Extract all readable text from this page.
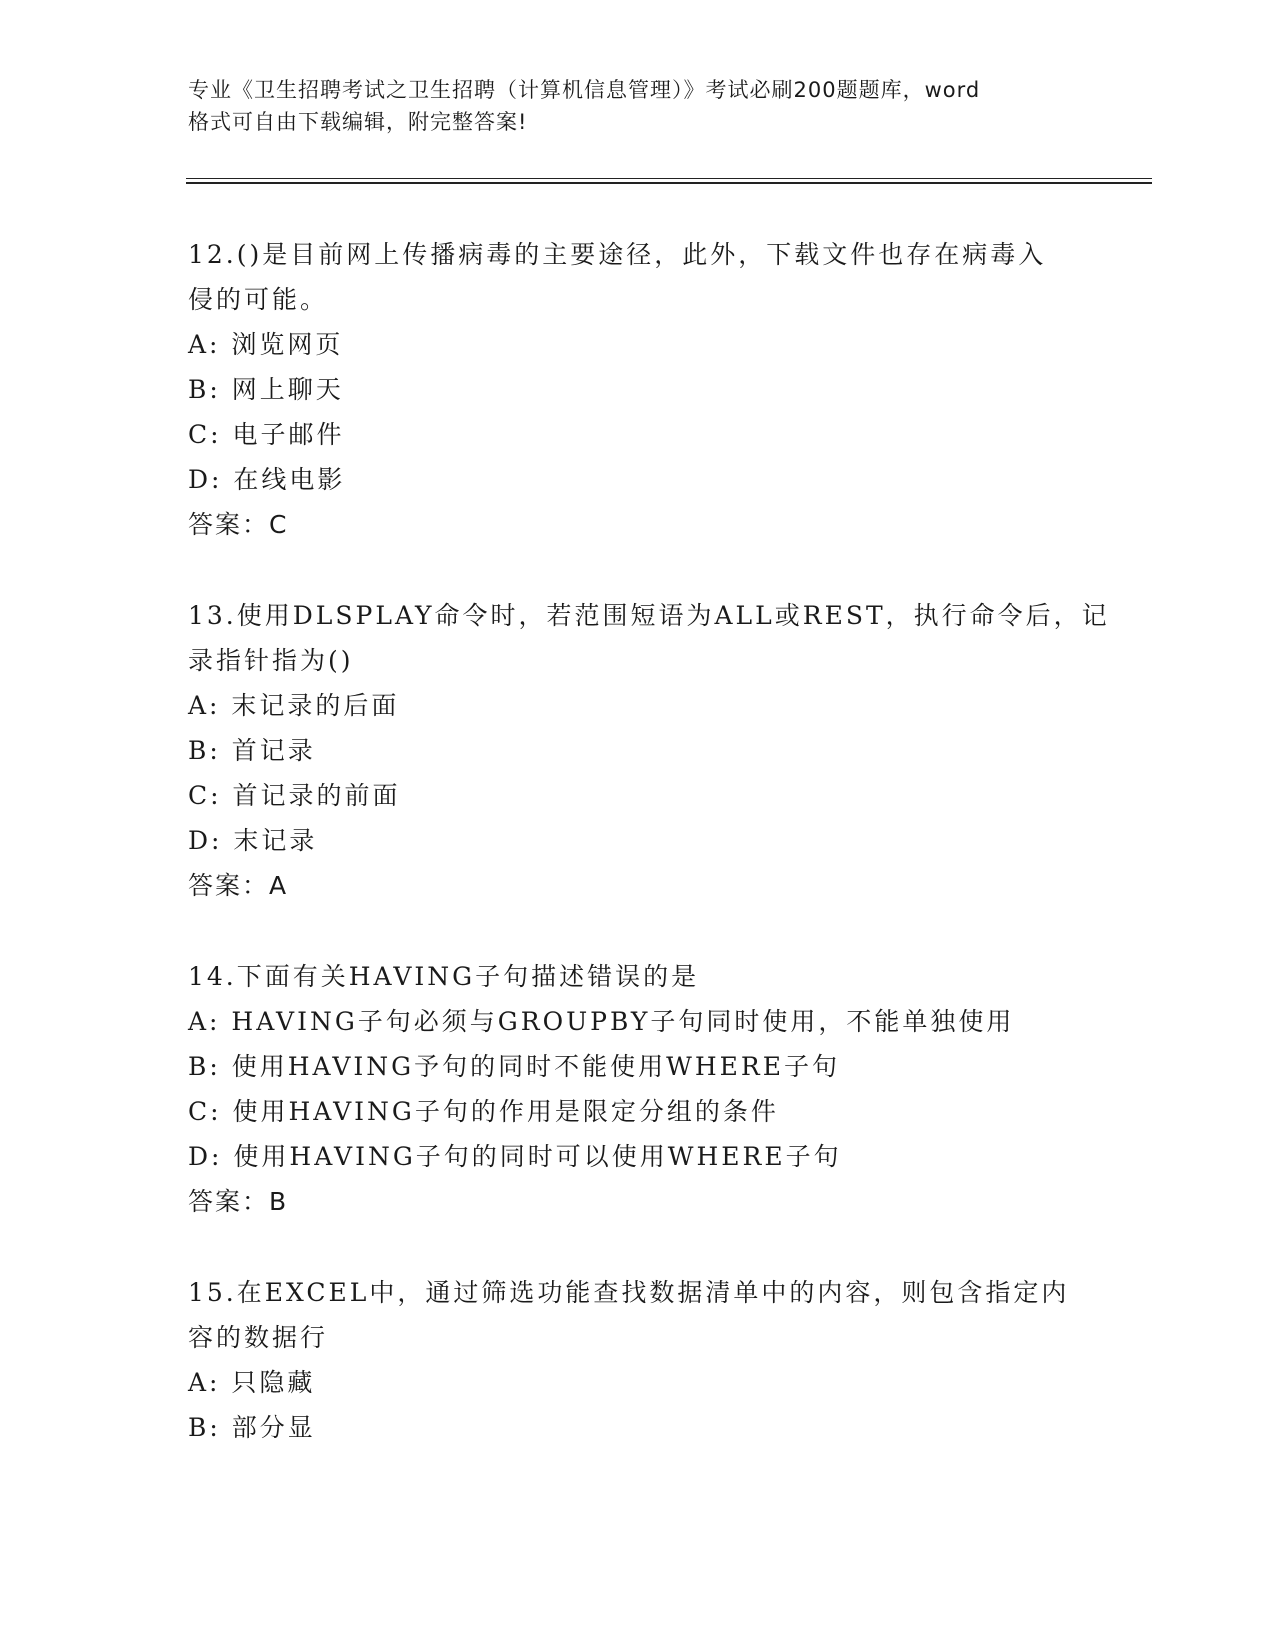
专业《卫生招聘考试之卫生招聘（计算机信息管理）》考试必刷200题题库，word
格式可自由下载编辑，附完整答案!
12.()是目前网上传播病毒的主要途径，此外，下载文件也存在病毒入
侵的可能。
A: 浏览网页
B: 网上聊天
C: 电子邮件
D: 在线电影
答案：C
13.使用DLSPLAY命令时，若范围短语为ALL或REST，执行命令后，记
录指针指为()
A: 末记录的后面
B: 首记录
C: 首记录的前面
D: 末记录
答案：A
14.下面有关HAVING子句描述错误的是
A: HAVING子句必须与GROUPBY子句同时使用，不能单独使用
B: 使用HAVING予句的同时不能使用WHERE子句
C: 使用HAVING子句的作用是限定分组的条件
D: 使用HAVING子句的同时可以使用WHERE子句
答案：B
15.在EXCEL中，通过筛选功能查找数据清单中的内容，则包含指定内
容的数据行
A: 只隐藏
B: 部分显
